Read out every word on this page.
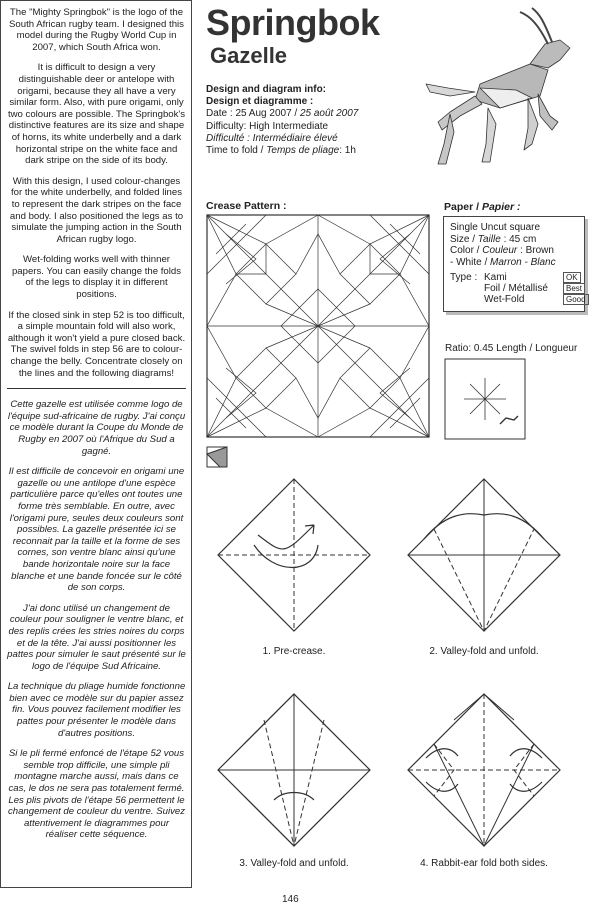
The "Mighty Springbok" is the logo of the South African rugby team. I designed this model during the Rugby World Cup in 2007, which South Africa won.

It is difficult to design a very distinguishable deer or antelope with origami, because they all have a very similar form. Also, with pure origami, only two colours are possible. The Springbok's distinctive features are its size and shape of horns, its white underbelly and a dark horizontal stripe on the white face and dark stripe on the side of its body.

With this design, I used colour-changes for the white underbelly, and folded lines to represent the dark stripes on the face and body. I also positioned the legs as to simulate the jumping action in the South African rugby logo.

Wet-folding works well with thinner papers. You can easily change the folds of the legs to display it in different positions.

If the closed sink in step 52 is too difficult, a simple mountain fold will also work, although it won't yield a pure closed back. The swivel folds in step 56 are to colour-change the belly. Concentrate closely on the lines and the following diagrams!

Cette gazelle est utilisée comme logo de l'équipe sud-africaine de rugby. J'ai conçu ce modèle durant la Coupe du Monde de Rugby en 2007 où l'Afrique du Sud a gagné.

Il est difficile de concevoir en origami une gazelle ou une antilope d'une espèce particulière parce qu'elles ont toutes une forme très semblable. En outre, avec l'origami pure, seules deux couleurs sont possibles. La gazelle présentée ici se reconnait par la taille et la forme de ses cornes, son ventre blanc ainsi qu'une bande horizontale noire sur la face blanche et une bande foncée sur le côté de son corps.

J'ai donc utilisé un changement de couleur pour souligner le ventre blanc, et des replis crées les stries noires du corps et de la tête. J'ai aussi positionner les pattes pour simuler le saut présenté sur le logo de l'équipe Sud Africaine.

La technique du pliage humide fonctionne bien avec ce modèle sur du papier assez fin. Vous pouvez facilement modifier les pattes pour présenter le modèle dans d'autres positions.

Si le pli fermé enfoncé de l'étape 52 vous semble trop difficile, une simple pli montagne marche aussi, mais dans ce cas, le dos ne sera pas totalement fermé. Les plis pivots de l'étape 56 permettent le changement de couleur du ventre. Suivez attentivement le diagrammes pour réaliser cette séquence.

Springbok
Gazelle
Design and diagram info:
Design et diagramme :
Date : 25 Aug 2007 / 25 août 2007
Difficulty: High Intermediate
Difficulté : Intermédiaire élevé
Time to fold / Temps de pliage: 1h
Crease Pattern :	Paper / Papier :
Single Uncut square
Size / Taille : 45 cm
Color / Couleur : Brown
- White / Marron - Blanc
Type : Kami	OK
Foil / Métallisé	Best
Wet-Fold	Good
Ratio: 0.45 Length / Longueur
1. Pre-crease.	2. Valley-fold and unfold.
3. Valley-fold and unfold.	4. Rabbit-ear fold both sides.
146
